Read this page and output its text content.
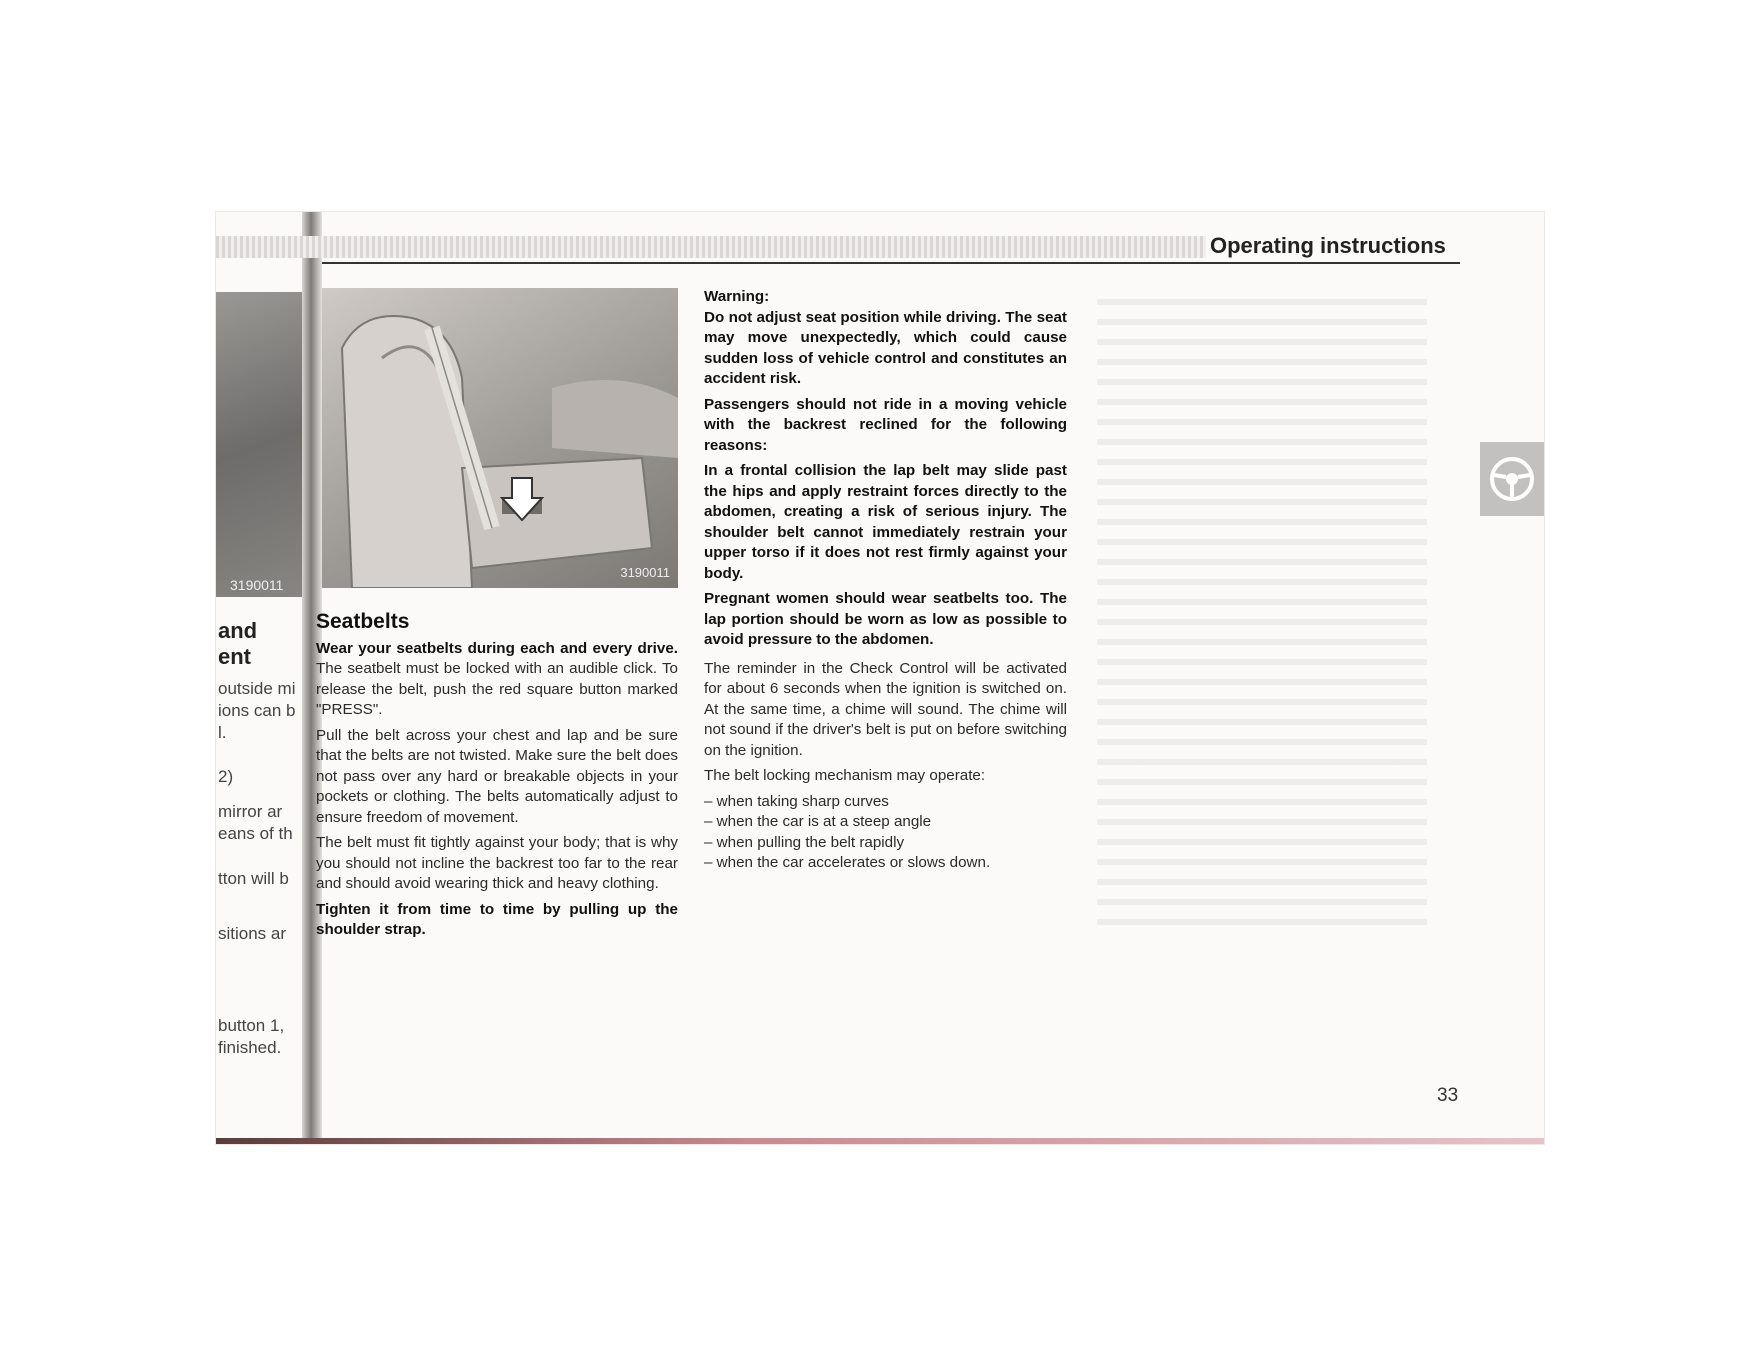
3190011
and
ent
outside mi
ions can b
l.
2)
mirror ar
eans of th
tton will b
sitions ar
button 1,
finished.
Operating instructions
3190011
Seatbelts

Wear your seatbelts during each and every drive. The seatbelt must be locked with an audible click. To release the belt, push the red square button marked "PRESS".

Pull the belt across your chest and lap and be sure that the belts are not twisted. Make sure the belt does not pass over any hard or breakable objects in your pockets or clothing. The belts automatically adjust to ensure freedom of movement.

The belt must fit tightly against your body; that is why you should not incline the backrest too far to the rear and should avoid wearing thick and heavy clothing.

Tighten it from time to time by pulling up the shoulder strap.

Warning:

Do not adjust seat position while driving. The seat may move unexpectedly, which could cause sudden loss of vehicle control and constitutes an accident risk.

Passengers should not ride in a moving vehicle with the backrest reclined for the following reasons:

In a frontal collision the lap belt may slide past the hips and apply restraint forces directly to the abdomen, creating a risk of serious injury. The shoulder belt cannot immediately restrain your upper torso if it does not rest firmly against your body.

Pregnant women should wear seatbelts too. The lap portion should be worn as low as possible to avoid pressure to the abdomen.

The reminder in the Check Control will be activated for about 6 seconds when the ignition is switched on. At the same time, a chime will sound. The chime will not sound if the driver's belt is put on before switching on the ignition.

The belt locking mechanism may operate:

– when taking sharp curves
– when the car is at a steep angle
– when pulling the belt rapidly
– when the car accelerates or slows down.
33
